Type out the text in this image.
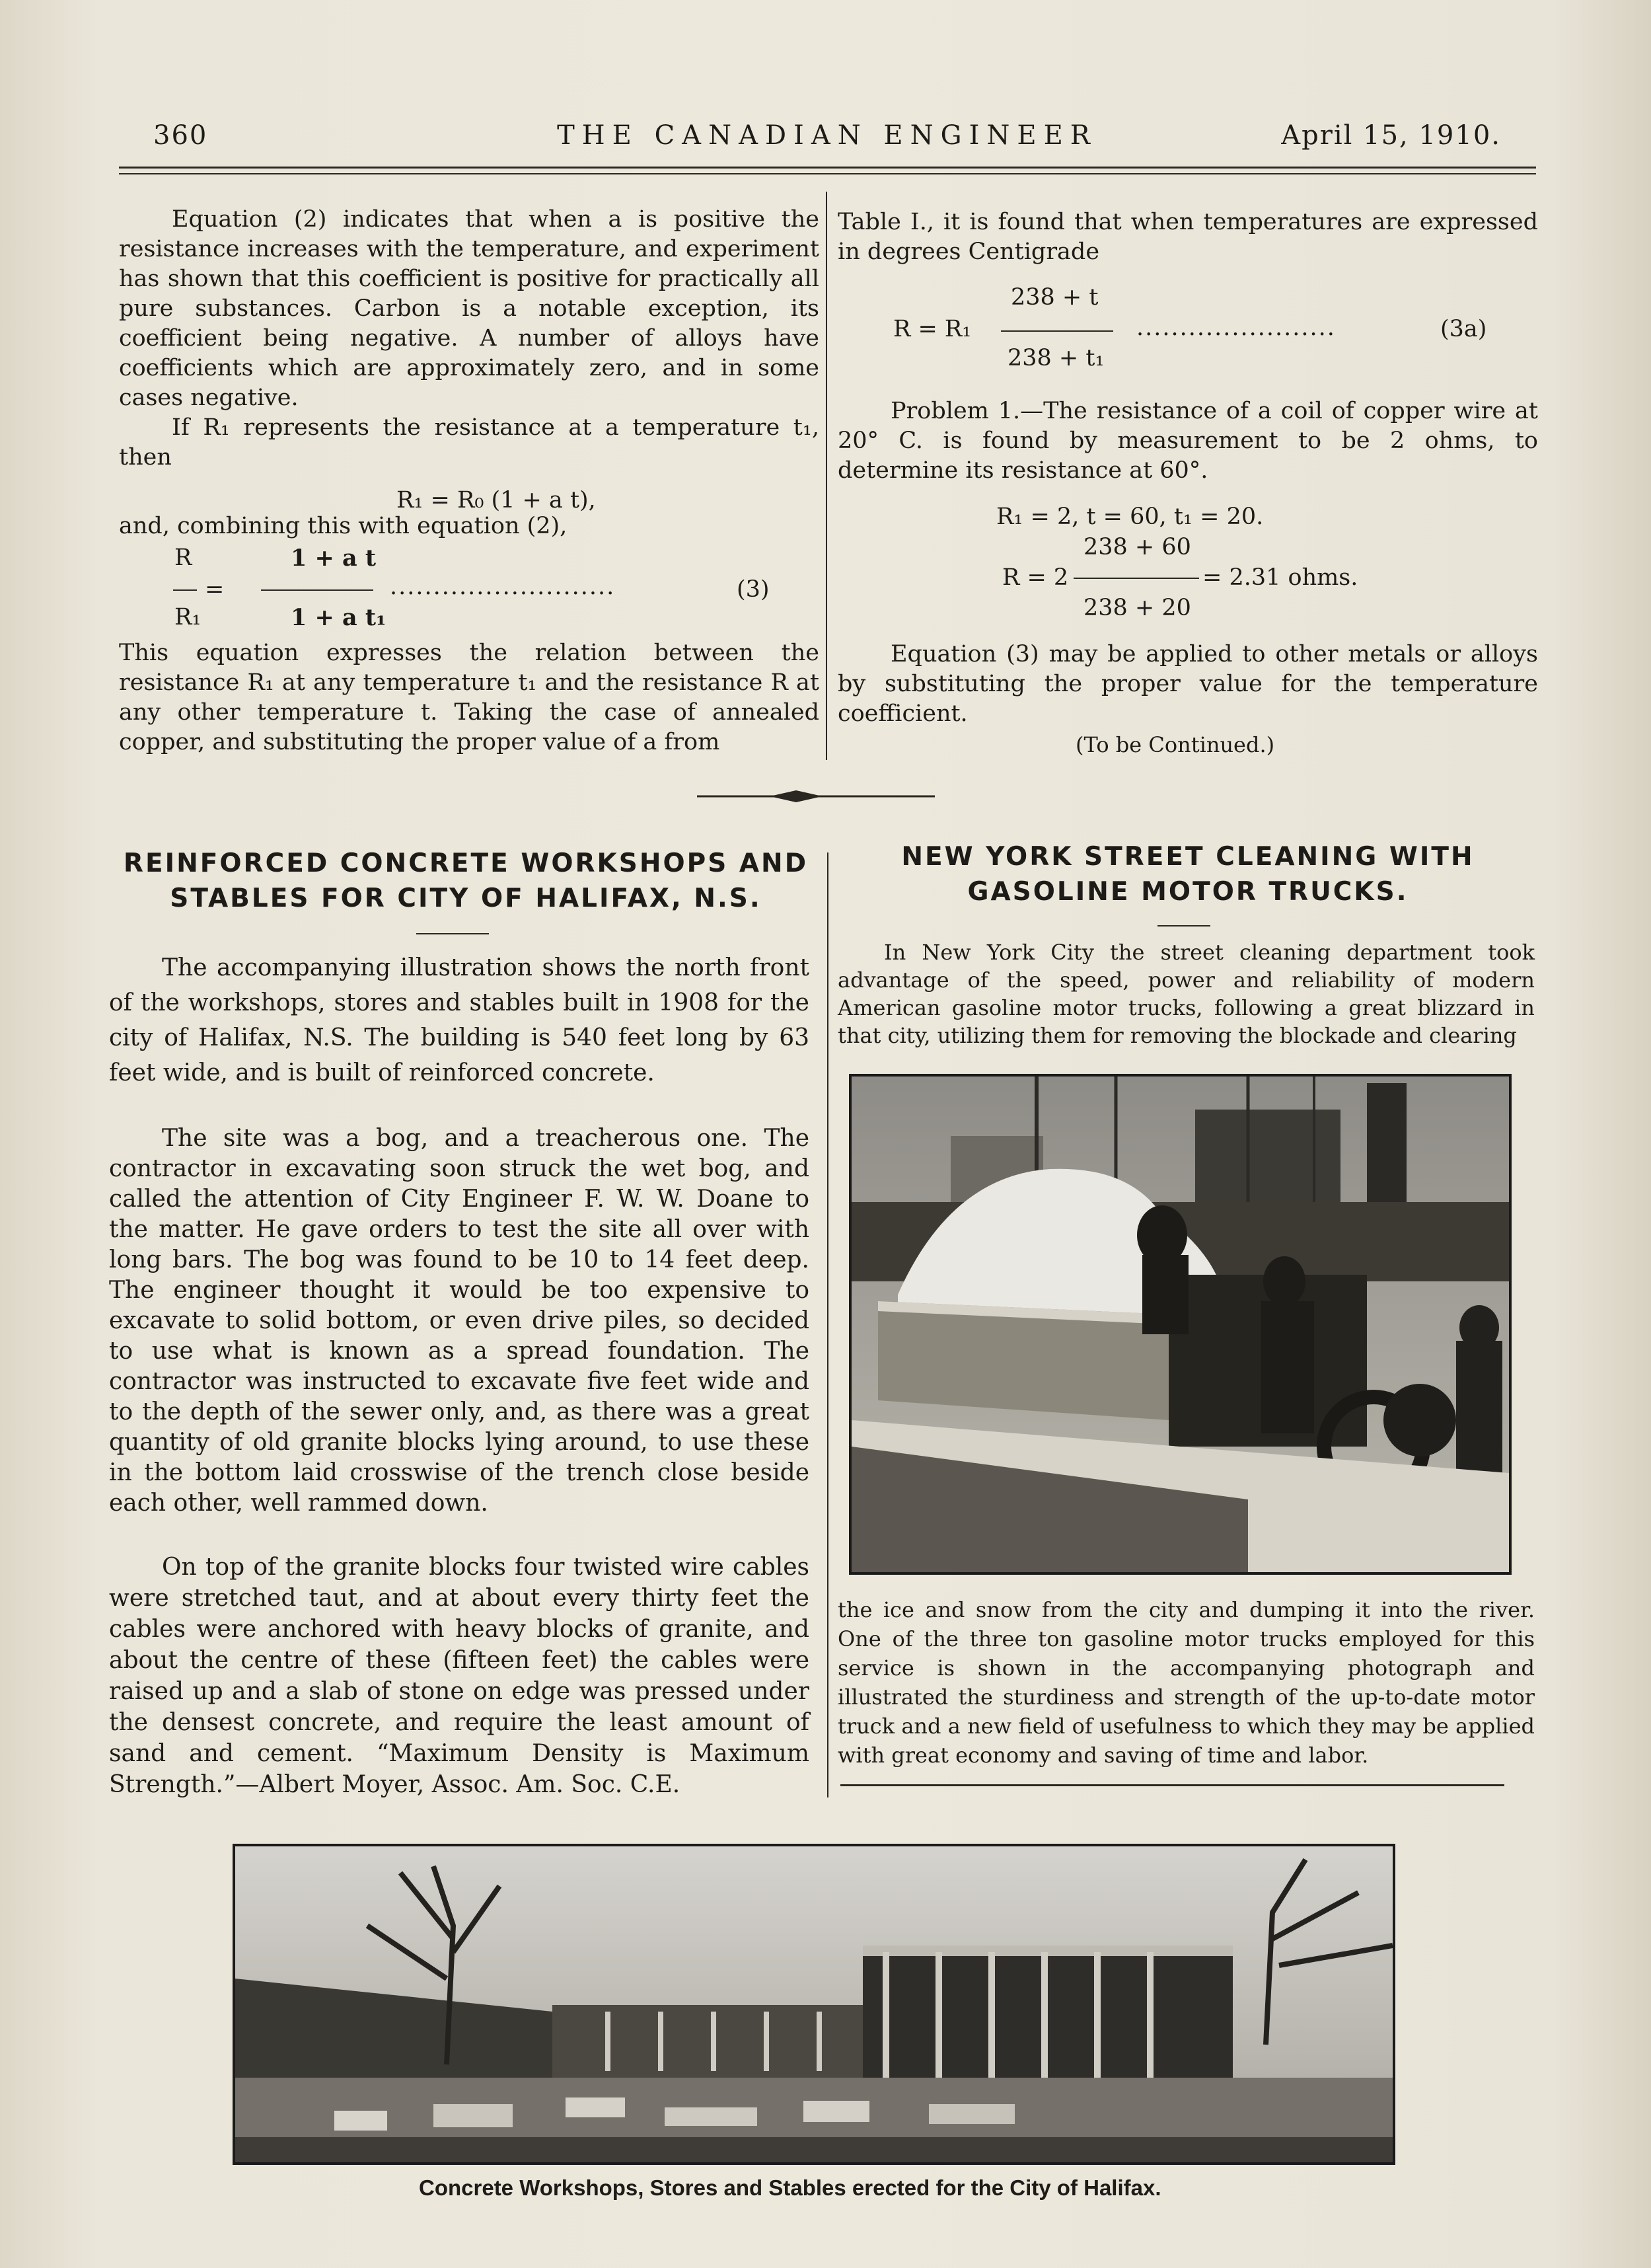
360	THE CANADIAN ENGINEER	April 15, 1910.

Equation (2) indicates that when a is positive the resistance increases with the temperature, and experiment has shown that this coefficient is positive for practically all pure substances. Carbon is a notable exception, its coefficient being negative. A number of alloys have coefficients which are approximately zero, and in some cases negative.

If R₁ represents the resistance at a temperature t₁, then

R₁ = R₀ (1 + a t),
and, combining this with equation (2),
R	1 + a t
=	..........................	(3)
R₁	1 + a t₁
This equation expresses the relation between the resistance R₁ at any temperature t₁ and the resistance R at any other temperature t. Taking the case of annealed copper, and substituting the proper value of a from
Table I., it is found that when temperatures are expressed in degrees Centigrade
238 + t
R = R₁	.......................	(3a)
238 + t₁
Problem 1.—The resistance of a coil of copper wire at 20° C. is found by measurement to be 2 ohms, to determine its resistance at 60°.
R₁ = 2, t = 60, t₁ = 20.
238 + 60
R = 2	= 2.31 ohms.
238 + 20
Equation (3) may be applied to other metals or alloys by substituting the proper value for the temperature coefficient.
(To be Continued.)
REINFORCED CONCRETE WORKSHOPS AND STABLES FOR CITY OF HALIFAX, N.S.

The accompanying illustration shows the north front of the workshops, stores and stables built in 1908 for the city of Halifax, N.S. The building is 540 feet long by 63 feet wide, and is built of reinforced concrete.

The site was a bog, and a treacherous one. The contractor in excavating soon struck the wet bog, and called the attention of City Engineer F. W. W. Doane to the matter. He gave orders to test the site all over with long bars. The bog was found to be 10 to 14 feet deep. The engineer thought it would be too expensive to excavate to solid bottom, or even drive piles, so decided to use what is known as a spread foundation. The contractor was instructed to excavate five feet wide and to the depth of the sewer only, and, as there was a great quantity of old granite blocks lying around, to use these in the bottom laid crosswise of the trench close beside each other, well rammed down.

On top of the granite blocks four twisted wire cables were stretched taut, and at about every thirty feet the cables were anchored with heavy blocks of granite, and about the centre of these (fifteen feet) the cables were raised up and a slab of stone on edge was pressed under the densest concrete, and require the least amount of sand and cement. “Maximum Density is Maximum Strength.”—Albert Moyer, Assoc. Am. Soc. C.E.

NEW YORK STREET CLEANING WITH GASOLINE MOTOR TRUCKS.
In New York City the street cleaning department took advantage of the speed, power and reliability of modern American gasoline motor trucks, following a great blizzard in that city, utilizing them for removing the blockade and clearing
the ice and snow from the city and dumping it into the river. One of the three ton gasoline motor trucks employed for this service is shown in the accompanying photograph and illustrated the sturdiness and strength of the up-to-date motor truck and a new field of usefulness to which they may be applied with great economy and saving of time and labor.
Concrete Workshops, Stores and Stables erected for the City of Halifax.
